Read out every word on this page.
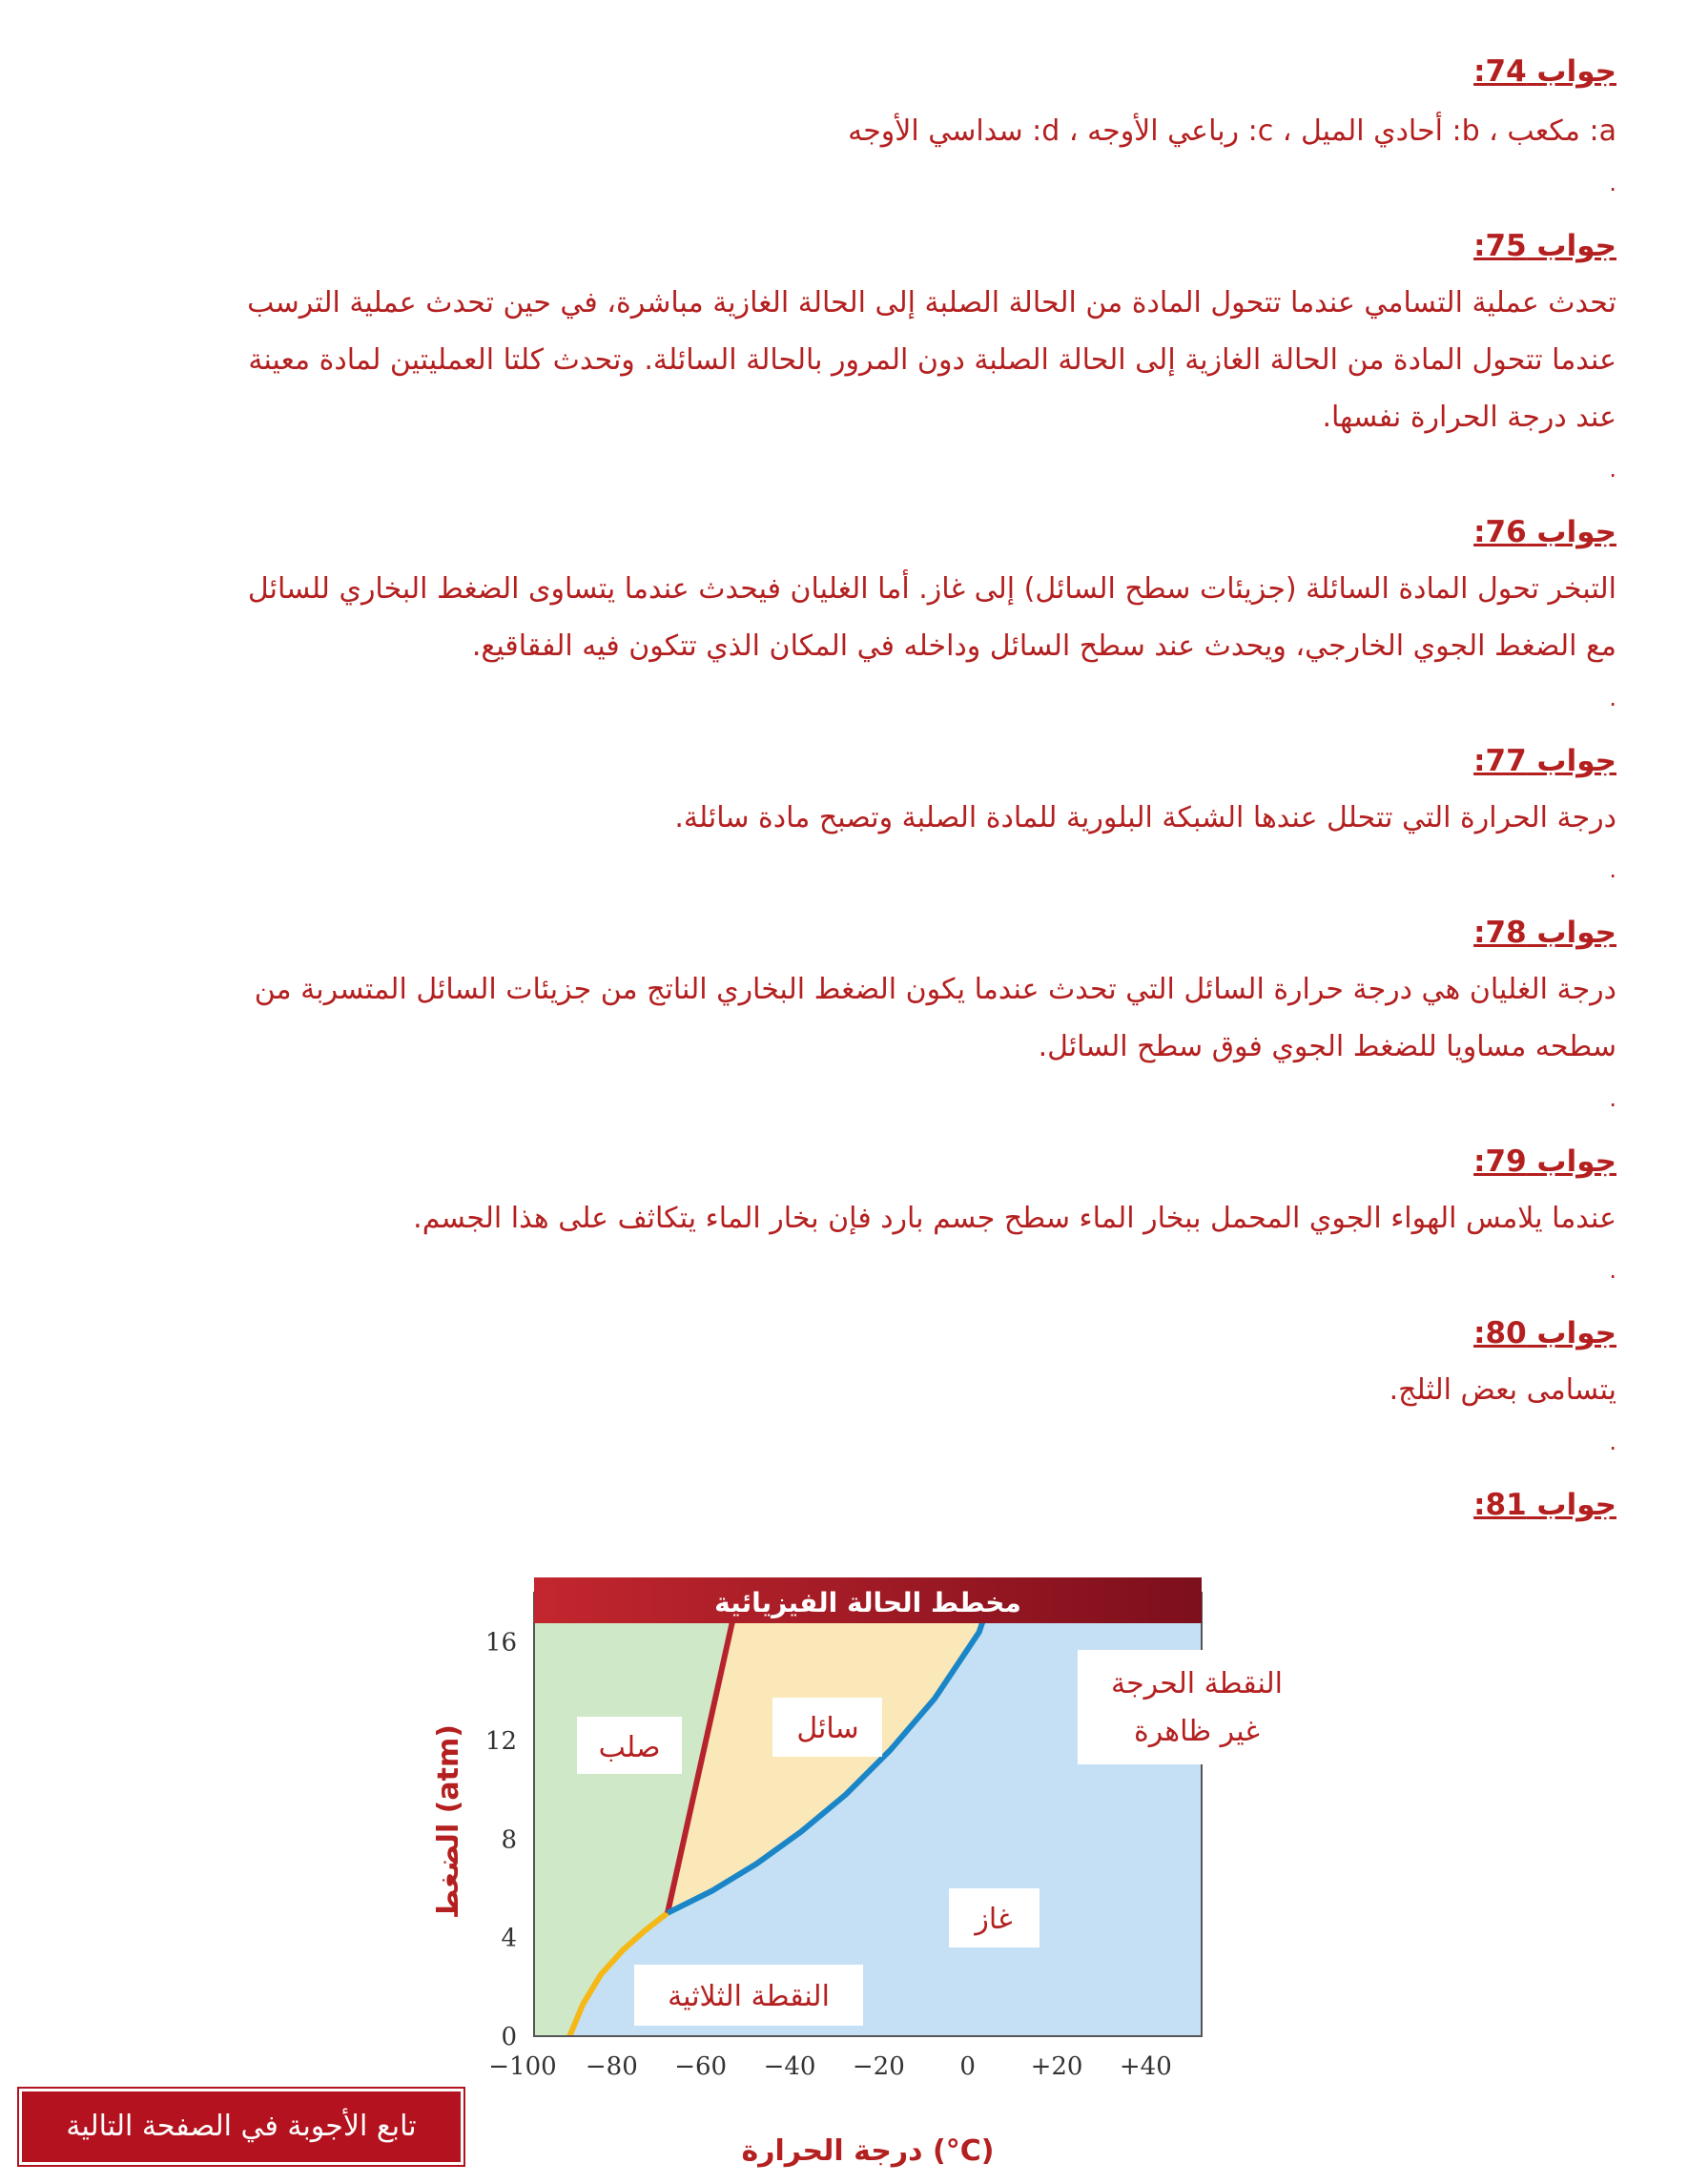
جواب 74:
a: مكعب ، b: أحادي الميل ، c: رباعي الأوجه ، d: سداسي الأوجه
.
جواب 75:
تحدث عملية التسامي عندما تتحول المادة من الحالة الصلبة إلى الحالة الغازية مباشرة، في حين تحدث عملية الترسب
عندما تتحول المادة من الحالة الغازية إلى الحالة الصلبة دون المرور بالحالة السائلة. وتحدث كلتا العمليتين لمادة معينة
عند درجة الحرارة نفسها.
.
جواب 76:
التبخر تحول المادة السائلة (جزيئات سطح السائل) إلى غاز. أما الغليان فيحدث عندما يتساوى الضغط البخاري للسائل
مع الضغط الجوي الخارجي، ويحدث عند سطح السائل وداخله في المكان الذي تتكون فيه الفقاقيع.
.
جواب 77:
درجة الحرارة التي تتحلل عندها الشبكة البلورية للمادة الصلبة وتصبح مادة سائلة.
.
جواب 78:
درجة الغليان هي درجة حرارة السائل التي تحدث عندما يكون الضغط البخاري الناتج من جزيئات السائل المتسربة من
سطحه مساويا للضغط الجوي فوق سطح السائل.
.
جواب 79:
عندما يلامس الهواء الجوي المحمل ببخار الماء سطح جسم بارد فإن بخار الماء يتكاثف على هذا الجسم.
.
جواب 80:
يتسامى بعض الثلج.
.
جواب 81:
مخطط الحالة الفيزيائية
0
4
8
12
16
−100 −80 −60 −40 −20 0 +20 +40
الضغط (atm)
درجة الحرارة (°C)
صلب
سائل
غاز
النقطة الثلاثية
النقطة الحرجة
غير ظاهرة
تابع الأجوبة في الصفحة التالية
